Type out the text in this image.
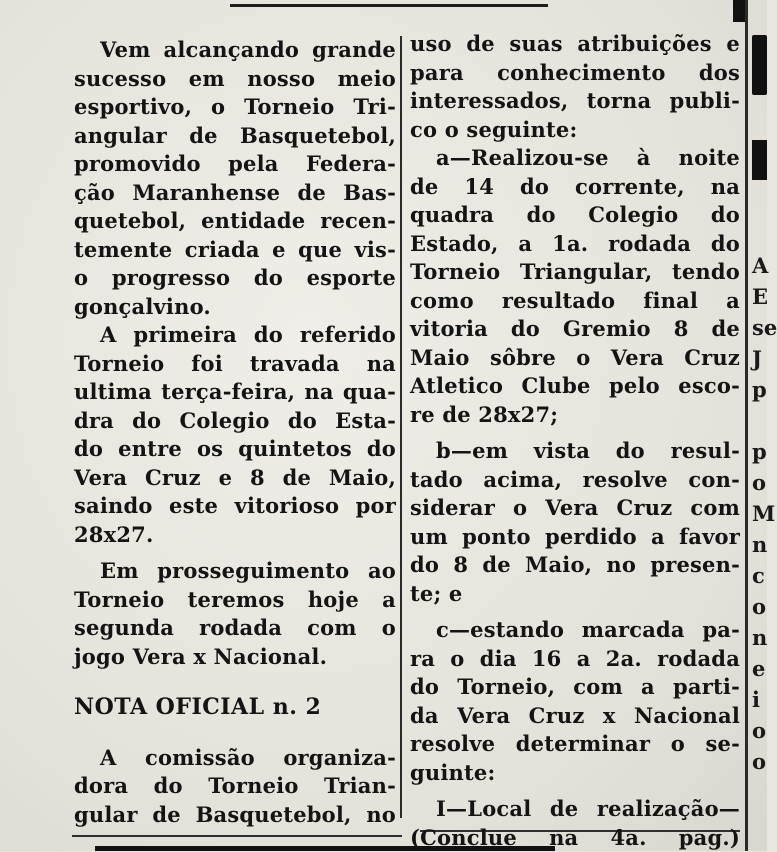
Vem alcançando grande
sucesso em nosso meio
esportivo, o Torneio Tri-
angular de Basquetebol,
promovido pela Federa-
ção Maranhense de Bas-
quetebol, entidade recen-
temente criada e que vis-
o progresso do esporte
gonçalvino.
A primeira do referido
Torneio foi travada na
ultima terça-feira, na qua-
dra do Colegio do Esta-
do entre os quintetos do
Vera Cruz e 8 de Maio,
saindo este vitorioso por
28x27.
Em prosseguimento ao
Torneio teremos hoje a
segunda rodada com o
jogo Vera x Nacional.
NOTA OFICIAL n. 2
A comissão organiza-
dora do Torneio Trian-
gular de Basquetebol, no
uso de suas atribuições e
para conhecimento dos
interessados, torna publi-
co o seguinte:
a—Realizou-se à noite
de 14 do corrente, na
quadra do Colegio do
Estado, a 1a. rodada do
Torneio Triangular, tendo
como resultado final a
vitoria do Gremio 8 de
Maio sôbre o Vera Cruz
Atletico Clube pelo esco-
re de 28x27;
b—em vista do resul-
tado acima, resolve con-
siderar o Vera Cruz com
um ponto perdido a favor
do 8 de Maio, no presen-
te; e
c—estando marcada pa-
ra o dia 16 a 2a. rodada
do Torneio, com a parti-
da Vera Cruz x Nacional
resolve determinar o se-
guinte:
I—Local de realização—
(Conclue na 4a. pag.)
A
E
se
J
p
p
o
M
n
c
o
n
e
i
o
o
